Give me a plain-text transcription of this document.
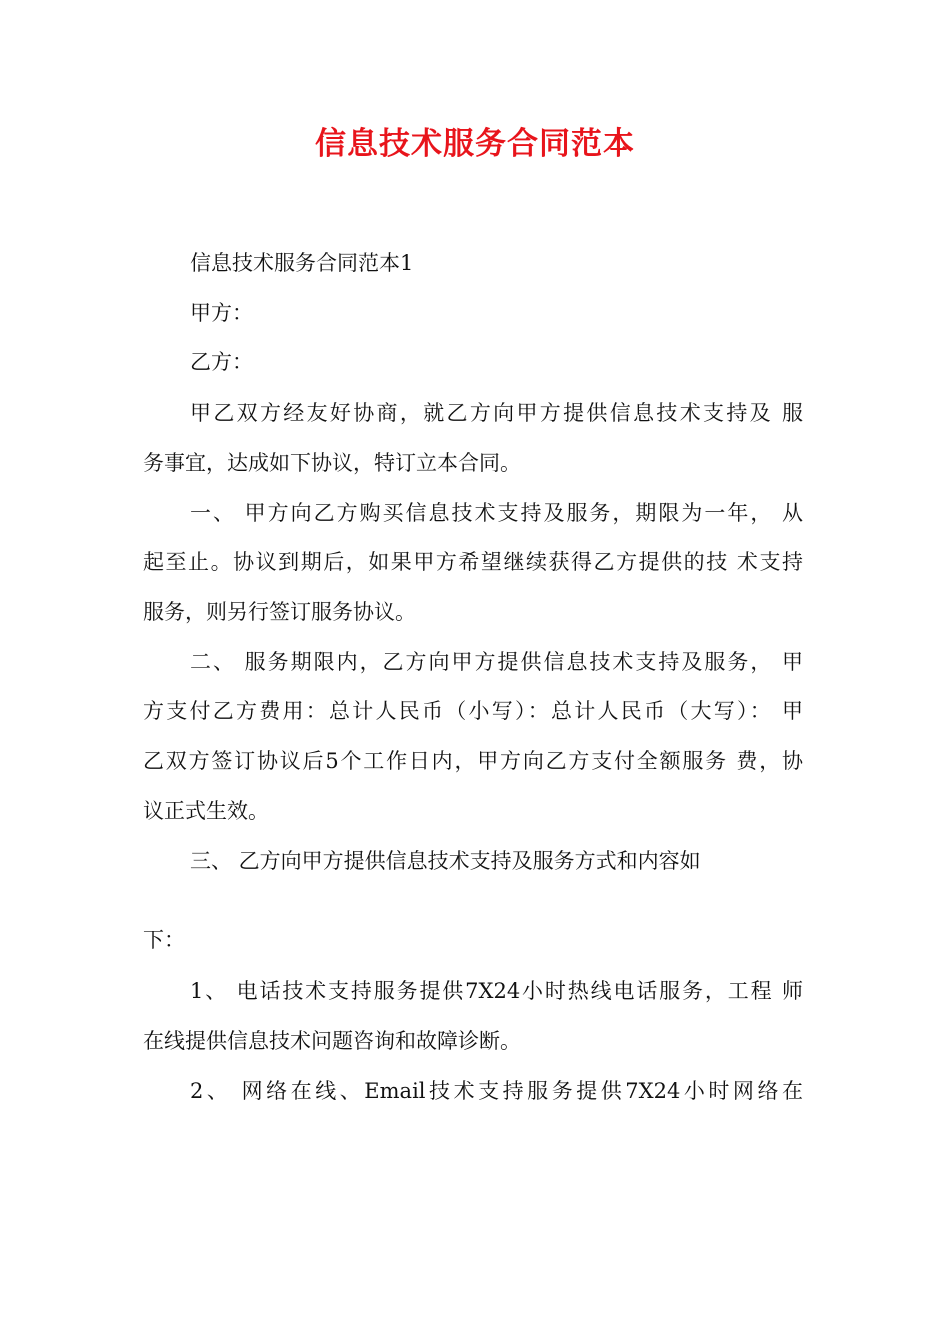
信息技术服务合同范本

信息技术服务合同范本1

甲方：

乙方：

甲乙双方经友好协商，就乙方向甲方提供信息技术支持及 服

务事宜，达成如下协议，特订立本合同。

一、 甲方向乙方购买信息技术支持及服务，期限为一年， 从

起至止。协议到期后，如果甲方希望继续获得乙方提供的技 术支持

服务，则另行签订服务协议。

二、 服务期限内，乙方向甲方提供信息技术支持及服务， 甲

方支付乙方费用：总计人民币（小写）：总计人民币（大写）： 甲

乙双方签订协议后5个工作日内，甲方向乙方支付全额服务 费，协

议正式生效。

三、 乙方向甲方提供信息技术支持及服务方式和内容如

下：

1、 电话技术支持服务提供7X24小时热线电话服务，工程 师

在线提供信息技术问题咨询和故障诊断。

2、 网络在线、Email技术支持服务提供7X24小时网络在
